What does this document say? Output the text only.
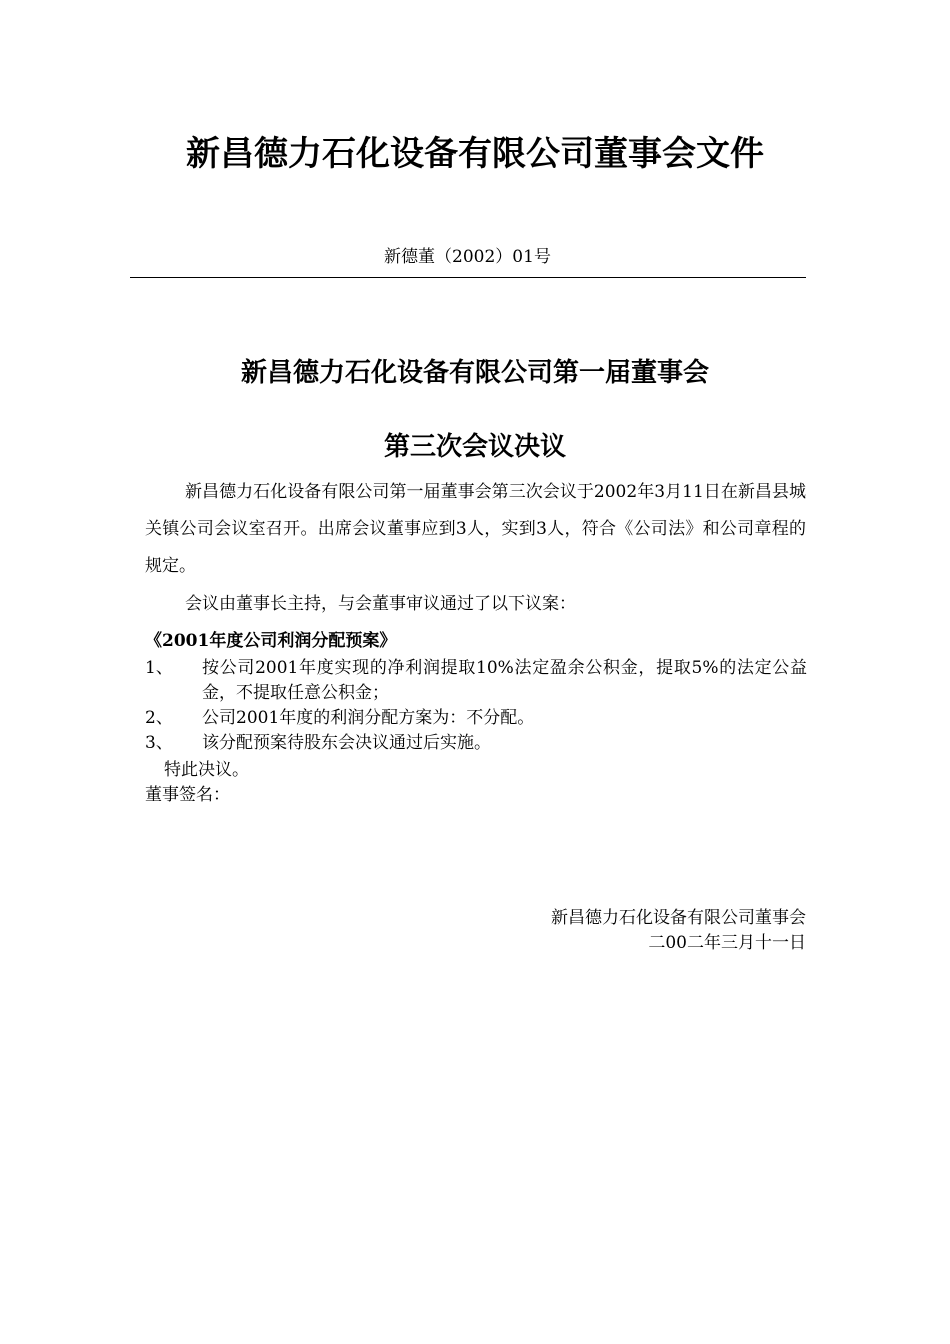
新昌德力石化设备有限公司董事会文件
新德董（2002）01号
新昌德力石化设备有限公司第一届董事会
第三次会议决议

新昌德力石化设备有限公司第一届董事会第三次会议于2002年3月11日在新昌县城关镇公司会议室召开。出席会议董事应到3人，实到3人，符合《公司法》和公司章程的规定。

会议由董事长主持，与会董事审议通过了以下议案：

《2001年度公司利润分配预案》
1、	按公司2001年度实现的净利润提取10%法定盈余公积金，提取5%的法定公益金，不提取任意公积金；
2、	公司2001年度的利润分配方案为：不分配。
3、	该分配预案待股东会决议通过后实施。
特此决议。
董事签名：
新昌德力石化设备有限公司董事会
二00二年三月十一日
